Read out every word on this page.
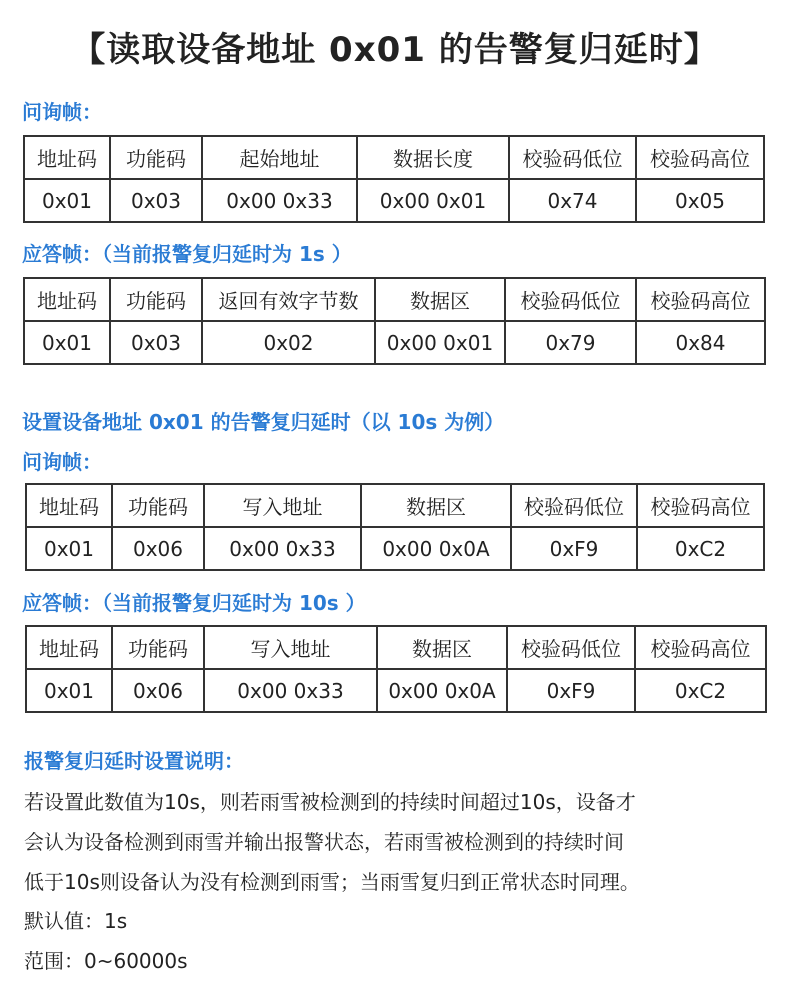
【读取设备地址 0x01 的告警复归延时】
问询帧：
地址码	功能码	起始地址	数据长度	校验码低位	校验码高位
0x01	0x03	0x00 0x33	0x00 0x01	0x74	0x05
应答帧：（当前报警复归延时为 1s ）
地址码	功能码	返回有效字节数	数据区	校验码低位	校验码高位
0x01	0x03	0x02	0x00 0x01	0x79	0x84
设置设备地址 0x01 的告警复归延时（以 10s 为例）
问询帧：
地址码	功能码	写入地址	数据区	校验码低位	校验码高位
0x01	0x06	0x00 0x33	0x00 0x0A	0xF9	0xC2
应答帧：（当前报警复归延时为 10s ）
地址码	功能码	写入地址	数据区	校验码低位	校验码高位
0x01	0x06	0x00 0x33	0x00 0x0A	0xF9	0xC2
报警复归延时设置说明：
若设置此数值为10s，则若雨雪被检测到的持续时间超过10s，设备才
会认为设备检测到雨雪并输出报警状态，若雨雪被检测到的持续时间
低于10s则设备认为没有检测到雨雪；当雨雪复归到正常状态时同理。
默认值：1s
范围：0~60000s
